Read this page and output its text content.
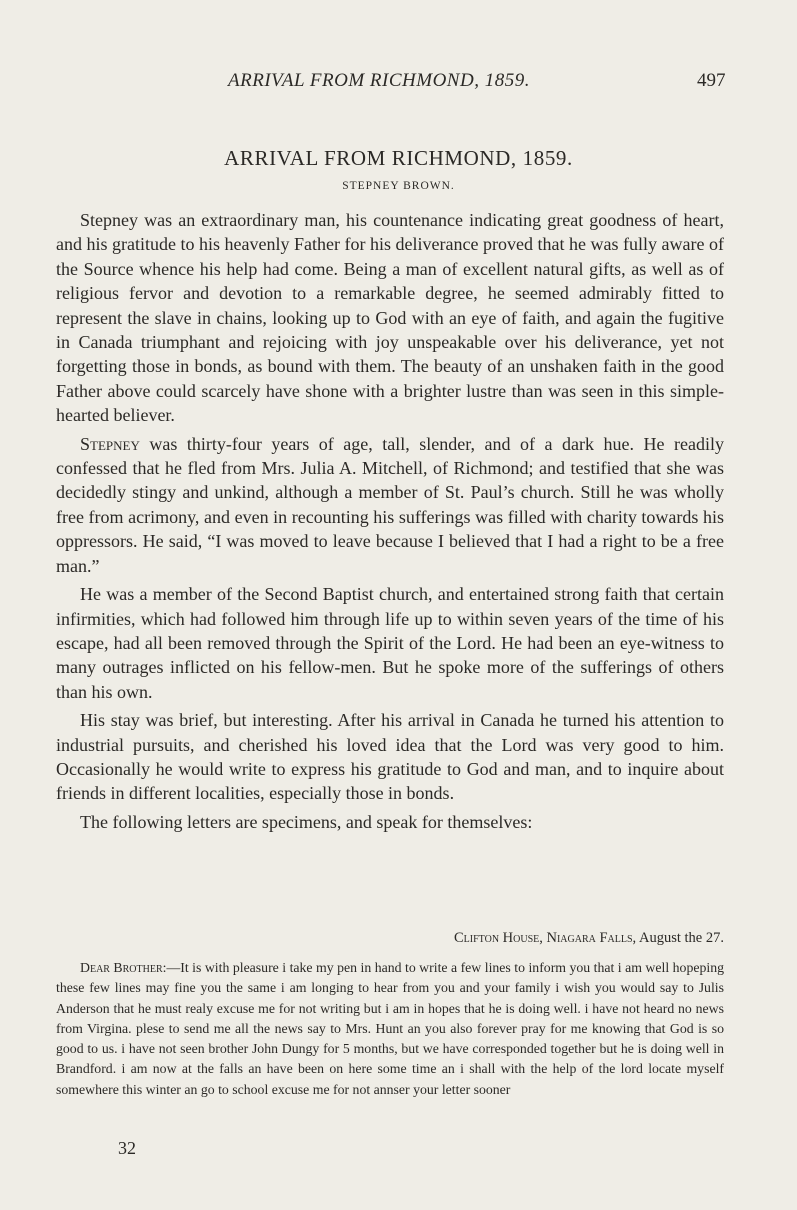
ARRIVAL FROM RICHMOND, 1859.	497
ARRIVAL FROM RICHMOND, 1859.
STEPNEY BROWN.

Stepney was an extraordinary man, his countenance indicating great goodness of heart, and his gratitude to his heavenly Father for his deliverance proved that he was fully aware of the Source whence his help had come. Being a man of excellent natural gifts, as well as of religious fervor and devotion to a remarkable degree, he seemed admirably fitted to represent the slave in chains, looking up to God with an eye of faith, and again the fugitive in Canada triumphant and rejoicing with joy unspeakable over his deliverance, yet not forgetting those in bonds, as bound with them. The beauty of an unshaken faith in the good Father above could scarcely have shone with a brighter lustre than was seen in this simple-hearted believer.

Stepney was thirty-four years of age, tall, slender, and of a dark hue. He readily confessed that he fled from Mrs. Julia A. Mitchell, of Richmond; and testified that she was decidedly stingy and unkind, although a member of St. Paul’s church. Still he was wholly free from acrimony, and even in recounting his sufferings was filled with charity towards his oppressors. He said, “I was moved to leave because I believed that I had a right to be a free man.”

He was a member of the Second Baptist church, and entertained strong faith that certain infirmities, which had followed him through life up to within seven years of the time of his escape, had all been removed through the Spirit of the Lord. He had been an eye-witness to many outrages inflicted on his fellow-men. But he spoke more of the sufferings of others than his own.

His stay was brief, but interesting. After his arrival in Canada he turned his attention to industrial pursuits, and cherished his loved idea that the Lord was very good to him. Occasionally he would write to express his gratitude to God and man, and to inquire about friends in different localities, especially those in bonds.

The following letters are specimens, and speak for themselves:

Clifton House, Niagara Falls, August the 27.

Dear Brother:—It is with pleasure i take my pen in hand to write a few lines to inform you that i am well hopeping these few lines may fine you the same i am longing to hear from you and your family i wish you would say to Julis Anderson that he must realy excuse me for not writing but i am in hopes that he is doing well. i have not heard no news from Virgina. plese to send me all the news say to Mrs. Hunt an you also forever pray for me knowing that God is so good to us. i have not seen brother John Dungy for 5 months, but we have corresponded together but he is doing well in Brandford. i am now at the falls an have been on here some time an i shall with the help of the lord locate myself somewhere this winter an go to school excuse me for not annser your letter sooner

32
